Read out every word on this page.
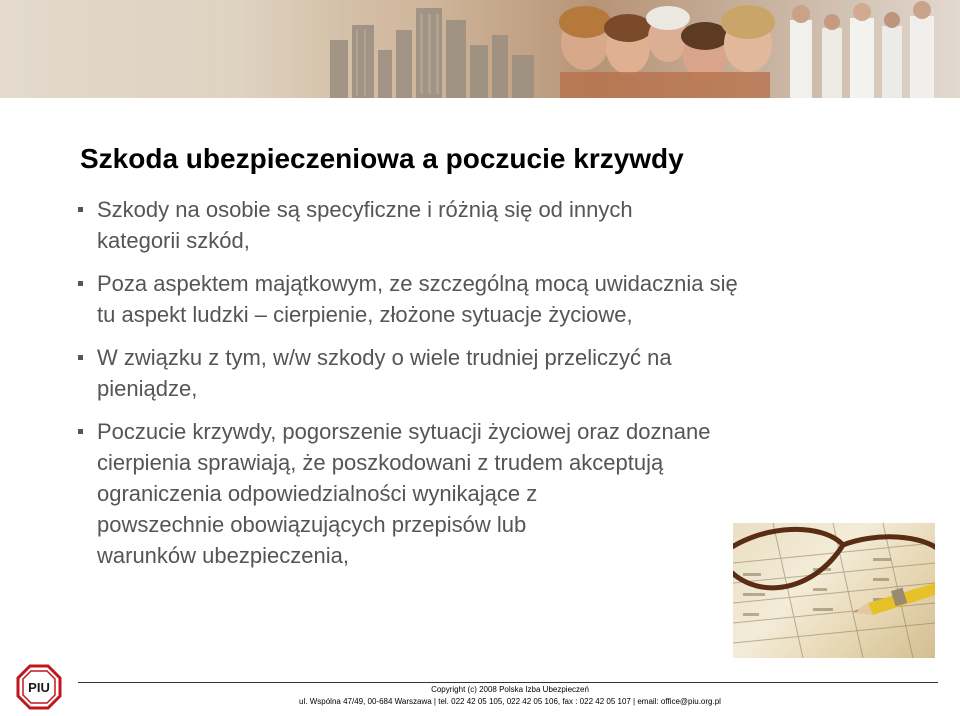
Szkoda ubezpieczeniowa a poczucie krzywdy
Szkody na osobie są specyficzne i różnią się od innych
kategorii szkód,
Poza aspektem majątkowym, ze szczególną mocą uwidacznia się
tu aspekt ludzki – cierpienie, złożone sytuacje życiowe,
W związku z tym, w/w szkody o wiele trudniej przeliczyć na
pieniądze,
Poczucie krzywdy, pogorszenie sytuacji życiowej oraz doznane
cierpienia sprawiają, że poszkodowani z trudem akceptują
ograniczenia odpowiedzialności wynikające z
powszechnie obowiązujących przepisów lub
warunków ubezpieczenia,
PIU	Copyright (c) 2008 Polska Izba Ubezpieczeń
ul. Wspólna 47/49, 00-684 Warszawa | tel. 022 42 05 105, 022 42 05 106, fax : 022 42 05 107 | email: office@piu.org.pl
